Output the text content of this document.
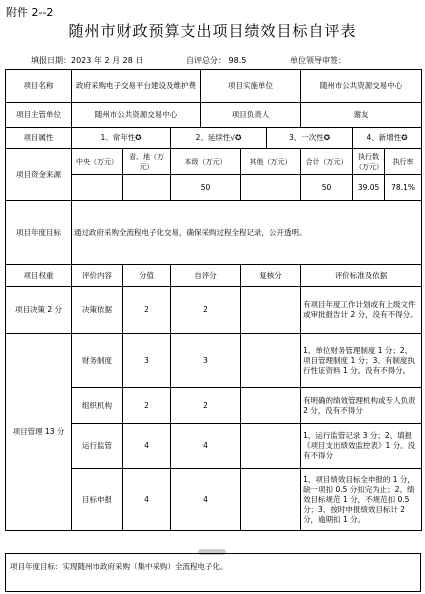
附件 2--2
随州市财政预算支出项目绩效目标自评表
填报日期：2023 年 2 月 28 日	自评总分： 98.5	单位领导审签：
项目名称	政府采购电子交易平台建设及维护费			项目实施单位			随州市公共资源交易中心		
项目主管单位	随州市公共资源交易中心			项目负责人			谢友		
项目属性	1、常年性✪		2、延续性√✪			3、一次性✪		4、新增性✪	
项目资金来源	中央（万元）	省、地（万元）	本级（万元）		其他（万元）		合计（万元）	执行数（万元）	执行率
			50				50	39.05	78.1%
项目年度目标	通过政府采购全流程电子化交易，确保采购过程全程记录，公开透明。								
项目权重	评价内容	分值	自评分		复核分		评价标准及依据		
项目决策 2 分	决策依据	2	2				有项目年度工作计划或有上级文件或审批报告计 2 分，没有不得分。		
项目管理 13 分	财务制度	3	3				1、单位财务管理制度 1 分；2、项目管理制度 1 分；3、有制度执行性证资料 1 分。没有不得分。		
	组织机构	2	2				有明确的绩效管理机构或专人负责 2 分，没有不得分		
	运行监管	4	4				1、运行监管记录 3 分；2、填报《项目支出绩效监控表》1 分。没有不得分		
	目标申报	4	4				1、项目绩效目标全申报的 1 分，缺一项扣 0.5 分扣完为止；2、绩效目标规范 1 分，不规范扣 0.5 分；3、按时申报绩效目标计 2 分，逾期扣 1 分。		
项目年度目标：实现随州市政府采购（集中采购）全流程电子化。
